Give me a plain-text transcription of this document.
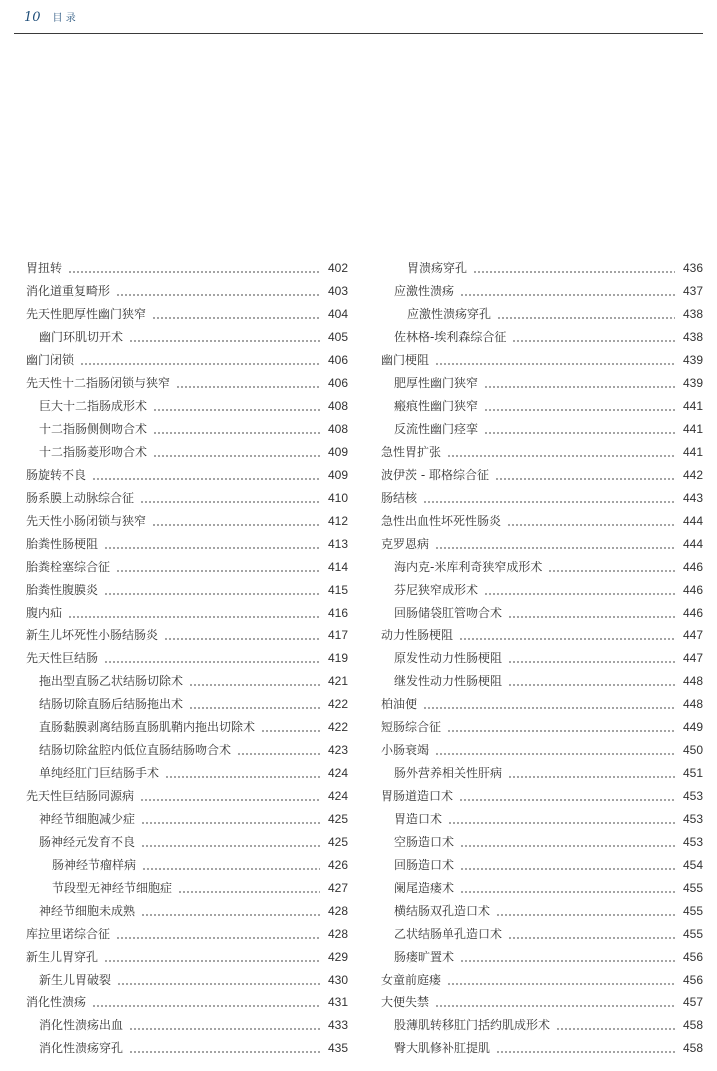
10 目 录
胃扭转	402
消化道重复畸形	403
先天性肥厚性幽门狭窄	404
幽门环肌切开术	405
幽门闭锁	406
先天性十二指肠闭锁与狭窄	406
巨大十二指肠成形术	408
十二指肠侧侧吻合术	408
十二指肠菱形吻合术	409
肠旋转不良	409
肠系膜上动脉综合征	410
先天性小肠闭锁与狭窄	412
胎粪性肠梗阻	413
胎粪栓塞综合征	414
胎粪性腹膜炎	415
腹内疝	416
新生儿坏死性小肠结肠炎	417
先天性巨结肠	419
拖出型直肠乙状结肠切除术	421
结肠切除直肠后结肠拖出术	422
直肠黏膜剥离结肠直肠肌鞘内拖出切除术	422
结肠切除盆腔内低位直肠结肠吻合术	423
单纯经肛门巨结肠手术	424
先天性巨结肠同源病	424
神经节细胞减少症	425
肠神经元发育不良	425
肠神经节瘤样病	426
节段型无神经节细胞症	427
神经节细胞未成熟	428
库拉里诺综合征	428
新生儿胃穿孔	429
新生儿胃破裂	430
消化性溃疡	431
消化性溃疡出血	433
消化性溃疡穿孔	435
胃溃疡穿孔	436
应激性溃疡	437
应激性溃疡穿孔	438
佐林格-埃利森综合征	438
幽门梗阻	439
肥厚性幽门狭窄	439
瘢痕性幽门狭窄	441
反流性幽门痉挛	441
急性胃扩张	441
波伊茨 - 耶格综合征	442
肠结核	443
急性出血性坏死性肠炎	444
克罗恩病	444
海内克-米库利奇狭窄成形术	446
芬尼狭窄成形术	446
回肠储袋肛管吻合术	446
动力性肠梗阻	447
原发性动力性肠梗阻	447
继发性动力性肠梗阻	448
柏油便	448
短肠综合征	449
小肠衰竭	450
肠外营养相关性肝病	451
胃肠道造口术	453
胃造口术	453
空肠造口术	453
回肠造口术	454
阑尾造瘘术	455
横结肠双孔造口术	455
乙状结肠单孔造口术	455
肠瘘旷置术	456
女童前庭瘘	456
大便失禁	457
股薄肌转移肛门括约肌成形术	458
臀大肌修补肛提肌	458
